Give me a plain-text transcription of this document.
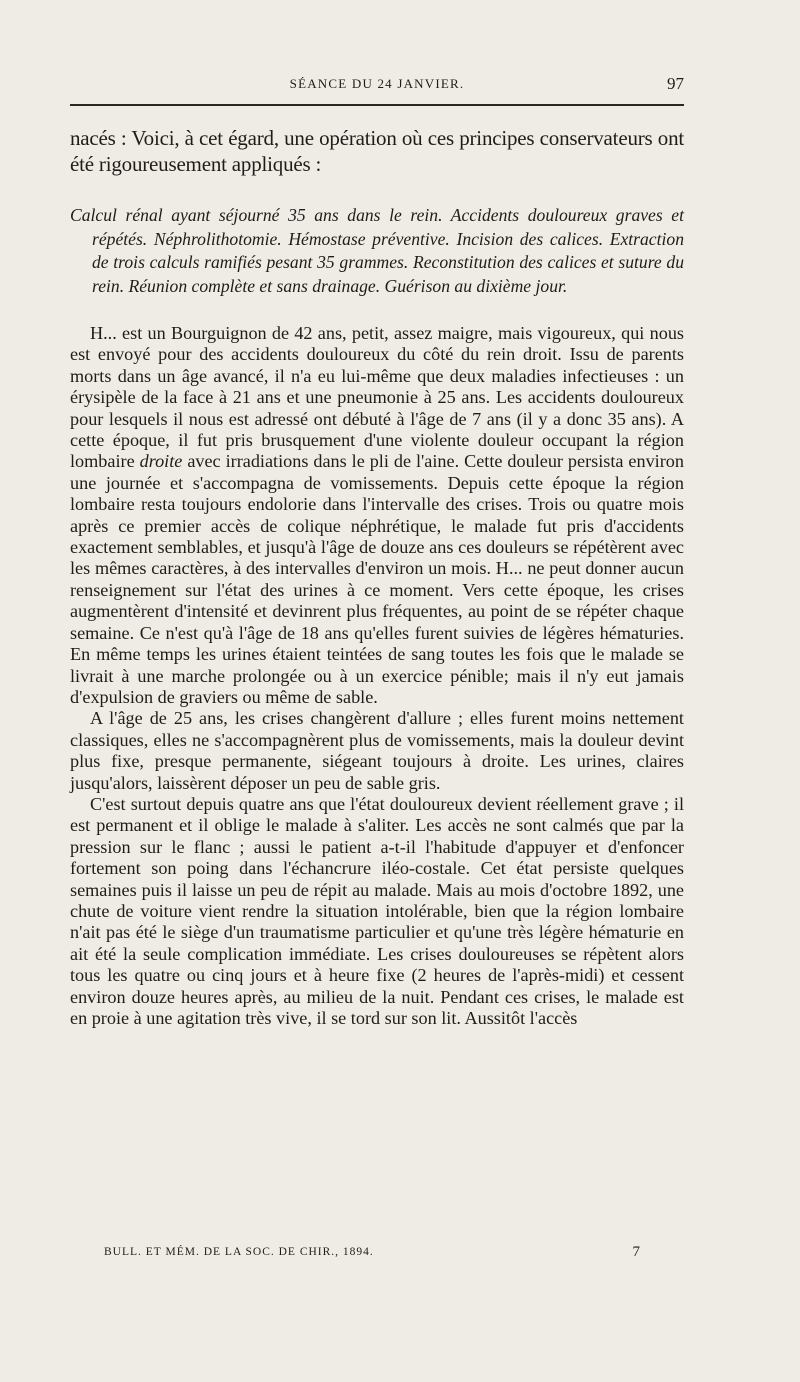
SÉANCE DU 24 JANVIER.	97

nacés : Voici, à cet égard, une opération où ces principes conservateurs ont été rigoureusement appliqués :

Calcul rénal ayant séjourné 35 ans dans le rein. Accidents douloureux graves et répétés. Néphrolithotomie. Hémostase préventive. Incision des calices. Extraction de trois calculs ramifiés pesant 35 grammes. Reconstitution des calices et suture du rein. Réunion complète et sans drainage. Guérison au dixième jour.

H... est un Bourguignon de 42 ans, petit, assez maigre, mais vigoureux, qui nous est envoyé pour des accidents douloureux du côté du rein droit. Issu de parents morts dans un âge avancé, il n'a eu lui-même que deux maladies infectieuses : un érysipèle de la face à 21 ans et une pneumonie à 25 ans. Les accidents douloureux pour lesquels il nous est adressé ont débuté à l'âge de 7 ans (il y a donc 35 ans). A cette époque, il fut pris brusquement d'une violente douleur occupant la région lombaire droite avec irradiations dans le pli de l'aine. Cette douleur persista environ une journée et s'accompagna de vomissements. Depuis cette époque la région lombaire resta toujours endolorie dans l'intervalle des crises. Trois ou quatre mois après ce premier accès de colique néphrétique, le malade fut pris d'accidents exactement semblables, et jusqu'à l'âge de douze ans ces douleurs se répétèrent avec les mêmes caractères, à des intervalles d'environ un mois. H... ne peut donner aucun renseignement sur l'état des urines à ce moment. Vers cette époque, les crises augmentèrent d'intensité et devinrent plus fréquentes, au point de se répéter chaque semaine. Ce n'est qu'à l'âge de 18 ans qu'elles furent suivies de légères hématuries. En même temps les urines étaient teintées de sang toutes les fois que le malade se livrait à une marche prolongée ou à un exercice pénible; mais il n'y eut jamais d'expulsion de graviers ou même de sable.

A l'âge de 25 ans, les crises changèrent d'allure ; elles furent moins nettement classiques, elles ne s'accompagnèrent plus de vomissements, mais la douleur devint plus fixe, presque permanente, siégeant toujours à droite. Les urines, claires jusqu'alors, laissèrent déposer un peu de sable gris.

C'est surtout depuis quatre ans que l'état douloureux devient réellement grave ; il est permanent et il oblige le malade à s'aliter. Les accès ne sont calmés que par la pression sur le flanc ; aussi le patient a-t-il l'habitude d'appuyer et d'enfoncer fortement son poing dans l'échancrure iléo-costale. Cet état persiste quelques semaines puis il laisse un peu de répit au malade. Mais au mois d'octobre 1892, une chute de voiture vient rendre la situation intolérable, bien que la région lombaire n'ait pas été le siège d'un traumatisme particulier et qu'une très légère hématurie en ait été la seule complication immédiate. Les crises douloureuses se répètent alors tous les quatre ou cinq jours et à heure fixe (2 heures de l'après-midi) et cessent environ douze heures après, au milieu de la nuit. Pendant ces crises, le malade est en proie à une agitation très vive, il se tord sur son lit. Aussitôt l'accès

BULL. ET MÉM. DE LA SOC. DE CHIR., 1894.	7
